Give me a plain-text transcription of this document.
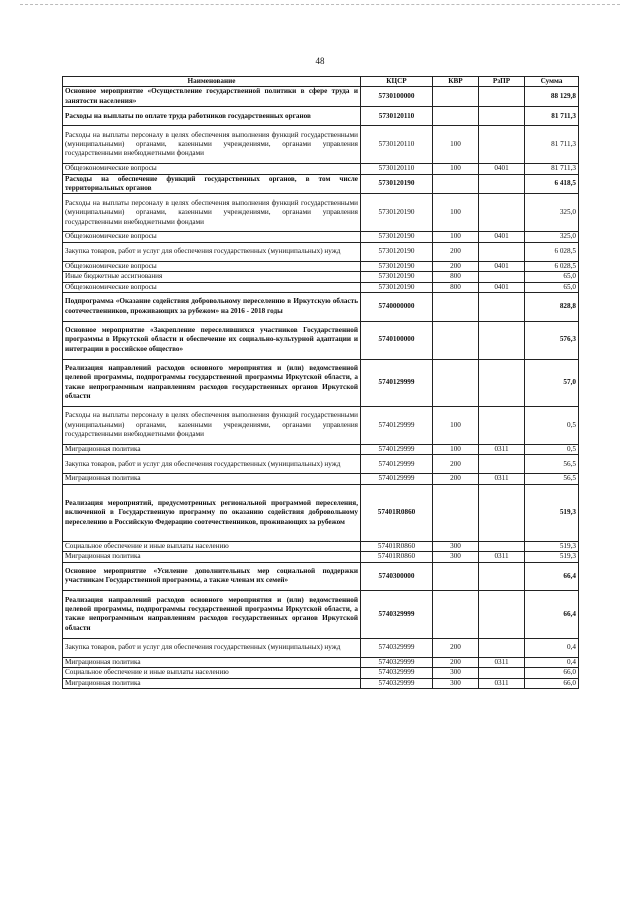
48
Наименование	КЦСР	КВР	РзПР	Сумма
Основное мероприятие «Осуществление государственной политики в сфере труда и занятости населения»	5730100000			88 129,8
Расходы на выплаты по оплате труда работников государственных органов	5730120110			81 711,3
Расходы на выплаты персоналу в целях обеспечения выполнения функций государственными (муниципальными) органами, казенными учреждениями, органами управления государственными внебюджетными фондами	5730120110	100		81 711,3
Общеэкономические вопросы	5730120110	100	0401	81 711,3
Расходы на обеспечение функций государственных органов, в том числе территориальных органов	5730120190			6 418,5
Расходы на выплаты персоналу в целях обеспечения выполнения функций государственными (муниципальными) органами, казенными учреждениями, органами управления государственными внебюджетными фондами	5730120190	100		325,0
Общеэкономические вопросы	5730120190	100	0401	325,0
Закупка товаров, работ и услуг для обеспечения государственных (муниципальных) нужд	5730120190	200		6 028,5
Общеэкономические вопросы	5730120190	200	0401	6 028,5
Иные бюджетные ассигнования	5730120190	800		65,0
Общеэкономические вопросы	5730120190	800	0401	65,0
Подпрограмма «Оказание содействия добровольному переселению в Иркутскую область соотечественников, проживающих за рубежом» на 2016 - 2018 годы	5740000000			828,8
Основное мероприятие «Закрепление переселившихся участников Государственной программы в Иркутской области и обеспечение их социально-культурной адаптации и интеграции в российское общество»	5740100000			576,3
Реализация направлений расходов основного мероприятия и (или) ведомственной целевой программы, подпрограммы государственной программы Иркутской области, а также непрограммным направлениям расходов государственных органов Иркутской области	5740129999			57,0
Расходы на выплаты персоналу в целях обеспечения выполнения функций государственными (муниципальными) органами, казенными учреждениями, органами управления государственными внебюджетными фондами	5740129999	100		0,5
Миграционная политика	5740129999	100	0311	0,5
Закупка товаров, работ и услуг для обеспечения государственных (муниципальных) нужд	5740129999	200		56,5
Миграционная политика	5740129999	200	0311	56,5
Реализация мероприятий, предусмотренных региональной программой переселения, включенной в Государственную программу по оказанию содействия добровольному переселению в Российскую Федерацию соотечественников, проживающих за рубежом	57401R0860			519,3
Социальное обеспечение и иные выплаты населению	57401R0860	300		519,3
Миграционная политика	57401R0860	300	0311	519,3
Основное мероприятие «Усиление дополнительных мер социальной поддержки участникам Государственной программы, а также членам их семей»	5740300000			66,4
Реализация направлений расходов основного мероприятия и (или) ведомственной целевой программы, подпрограммы государственной программы Иркутской области, а также непрограммным направлениям расходов государственных органов Иркутской области	5740329999			66,4
Закупка товаров, работ и услуг для обеспечения государственных (муниципальных) нужд	5740329999	200		0,4
Миграционная политика	5740329999	200	0311	0,4
Социальное обеспечение и иные выплаты населению	5740329999	300		66,0
Миграционная политика	5740329999	300	0311	66,0
